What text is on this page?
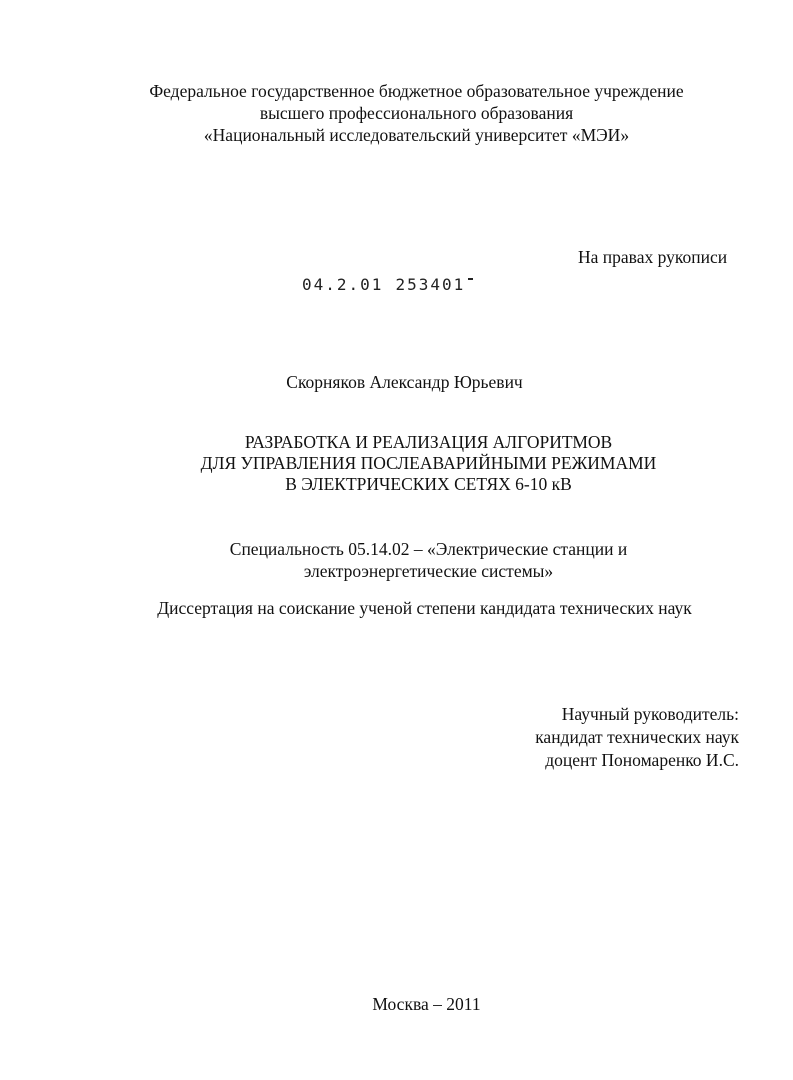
Федеральное государственное бюджетное образовательное учреждение
высшего профессионального образования
«Национальный исследовательский университет «МЭИ»
На правах рукописи
04.2.01 253401
Скорняков Александр Юрьевич
РАЗРАБОТКА И РЕАЛИЗАЦИЯ АЛГОРИТМОВ
ДЛЯ УПРАВЛЕНИЯ ПОСЛЕАВАРИЙНЫМИ РЕЖИМАМИ
В ЭЛЕКТРИЧЕСКИХ СЕТЯХ 6-10 кВ
Специальность 05.14.02 – «Электрические станции и
электроэнергетические системы»
Диссертация на соискание ученой степени кандидата технических наук
Научный руководитель:
кандидат технических наук
доцент Пономаренко И.С.
Москва – 2011
